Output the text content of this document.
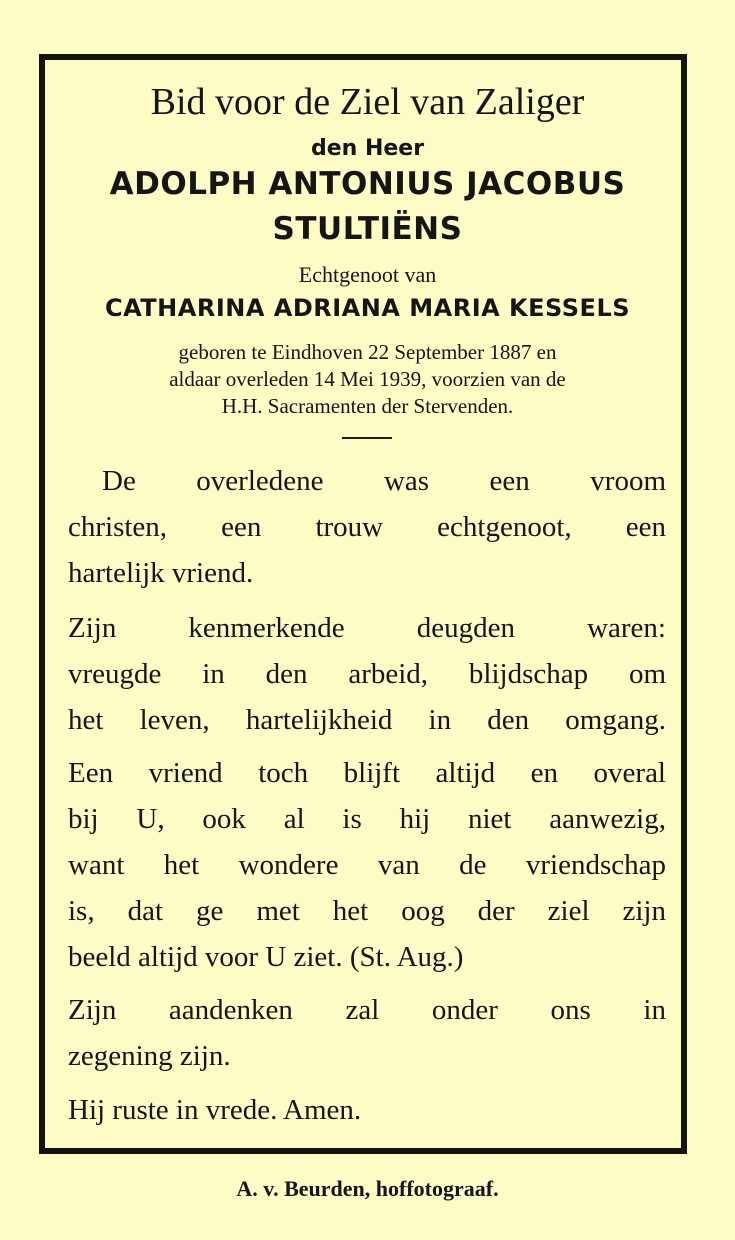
Bid voor de Ziel van Zaliger
den Heer
ADOLPH ANTONIUS JACOBUS
STULTIËNS
Echtgenoot van
CATHARINA ADRIANA MARIA KESSELS
geboren te Eindhoven 22 September 1887 en
aldaar overleden 14 Mei 1939, voorzien van de
H.H. Sacramenten der Stervenden.
De overledene was een vroom
christen, een trouw echtgenoot, een
hartelijk vriend.
Zijn kenmerkende deugden waren:
vreugde in den arbeid, blijdschap om
het leven, hartelijkheid in den omgang.
Een vriend toch blijft altijd en overal
bij U, ook al is hij niet aanwezig,
want het wondere van de vriendschap
is, dat ge met het oog der ziel zijn
beeld altijd voor U ziet. (St. Aug.)
Zijn aandenken zal onder ons in
zegening zijn.
Hij ruste in vrede. Amen.
A. v. Beurden, hoffotograaf.
